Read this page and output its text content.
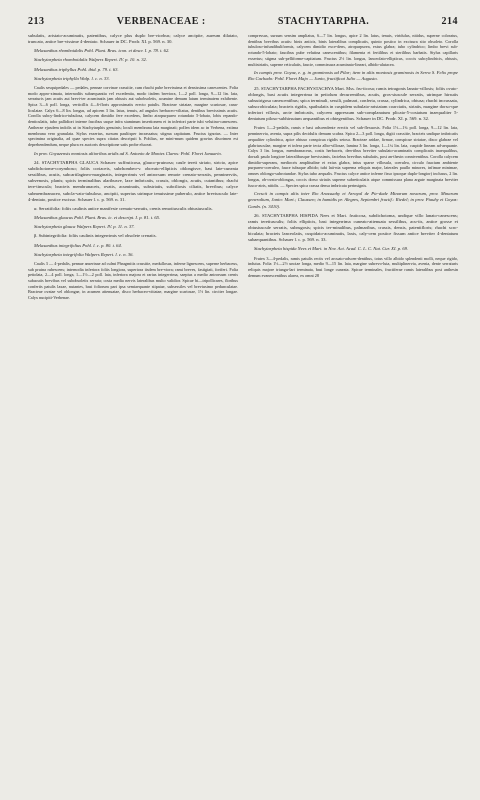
213	VERBENACEAE :	STACHYTARPHA.	214

subulatis, aristato-acuminatis, patentibus, calyce plus duplo bre-viorbus; calyce ancipite, aureum dilatato, truncato, antice bre-vissime 4-dentato. Schauer in DC. Prodr. XI. p. 569. n. 30.

Melasanthus rhomboidalis Pohl. Plant. Bras. icon. et descr. I. p. 78. t. 62.

Stachytarpheta rhomboidalis Walpers Repert. IV. p. 10. n. 32.

Melasanthus triphyllus Pohl. ibid. p. 79. t. 63.

Stachytarpheta triphylla Walp. l. c. n. 33.

Caulis sesquipedales — pedales, pennae corvinae crassitie, cum rhachi pube brevissima et densissima canescentes. Folia modo appro-ximata, internodiis subaequantia vel excedentia, modo iisdem breviora, 1—2 poll. longa, 9—12 lin. lata, serraturis jam acutis aut brevi-ter acuminatis jam obtusis aut subobsoletis, acumine demum latum terminatem exhibente. Spica 3—6 poll. longa, verticillis 4—6-floris approximatis erecto patulis. Bracteae striatae, margine scariosae, cana-liculatae. Calyx 6—8 lin. longus, ad apicem 3 lin. latus, tenuis, ad angulos herbaceo-viltatus, dentibus brevissimis acutis. Corolla subcy-lindrico-tubulosa, calycem dimidio fere excedens, limbo atropurpureo rotundato 5-lobato, lobis repando-denticulatis, tubo pallidiori interne fascibus usque infra staminum insertionem et in inferiori parte tubi velutino-canescens. Antherae ejusdem indolis ut in Stachytarphis genuinis; loculi membrana lata marginati; pollen idem ac in Verbena, extima membrana vero granulata. Stylus exsertus, sursum pauliisper incrassatus; stigma capitatum. Fructus ignotus. — Inter specimina originalia, ad quae species supra citatas descripsit b. Pohlius, ne mini-mum quidem gravius discrimen est deprehendendum, neque plura ex auctoris descriptione satis probe eluceat.

In prov. Goyazensis montosis altioribus aridis ad S. Antonio de Montes Claros: Pohl. Floret Januario.

24. STACHYTARPHA GLAUCA Schauer: suffruticosa, glauco-pruinosa; caule tereti striato, stricto, apice subdichotome-corymboso; foliis coriaceis, subrhombeo-v. obovato-ellipticis oblongisve, basi late-cuneata sessilibus, acutis, subcartilagineo-marginatis, integerrimis vel antrorsum remote crenato-serratis, penninerviis, subvenosis, planis; spicis terminalibus alaribusve, laxe imbricatis, crassis, oblongis, acutis, cutantibus; rhachi tere-tinscula; bracteis membranaceis, ovatis, acuminatis, substriatis, subciliosis ciliatis, brevibus; calyce submembranaceo, subcla-vato-tubuloso, ancipiti, superius utrinque tenuissime puberulo, antice breviusculo late-4-dentato, postice excisso. Schauer l. c. p. 569. n. 31.

α. Serratifolia: foliis caulinis antice manifeste crenato-serratis, crenis remotiusculis obtusiusculis.

Melasanthus glaucus Pohl. Plant. Bras. ic. et descript. I. p. 81. t. 65.

Stachytarpheta glauca Walpers Repert. IV. p. 11. n. 37.

β. Subintegrifolia: foliis caulinis integerrimis vel obsolete crenatis.

Melasanthus integrifolius Pohl. l. c. p. 80. t. 64.

Stachytarpheta integrifolia Walpers Repert. l. c. n. 36.

Caulis 3 — 4-pedalis, pennae anserinae ad culmi Phragmitis crassitie, medullosus, inferne lignescens, superne herbaceus, sub pruina rubescens; internodia inferiora foliis longiora, superiora iisdem bre-viora; rami breves, fastigiati, foriferi. Folia petiolata, 2—4 poll. longa, 1—1½—2 poll. lata, inferiora majora et rarius integerrima, saepius a medio antrorsum crenis subacutis brevibus vel subobsoletis serrata; costa media nervis lateralibus multo validior. Spicae bi—tripollicares, floribus confertis patulis laxae, nutantes, basi foliorum pari ipsa semiaequante stipatae, subsessiles vel breviusimo pedunculatae. Bracteae ovatae vel oblongae, in acumen attenuatae, disco herbaceo-vittatae, margine scariosae, 1½ lin. circiter longae. Calyx nucipiti-Verbenae.

compressus, sursum sensim ampliatus, 6—7 lin. longus, apice 2 lin. latus, tenuis, viridulus, nitidus, superne coloratus, dentibus brevibus acutis: binis anticis, binis lateralibus complicatis, quinto postico in excisura sito obsoleto. Corolla tubuloso-infundibuliformis, calycem dimidio exce-dens, atropurpurea, extus glabra; tubo cylindrico; limbo brevi sub-rotundo-5-lobato; faucibus pube velutina canescentibus; filamenta et fertilibus et sterilibus barbatis. Stylus capillaris exsertus; stigma sub-pelliforme-capitatum. Fructus 2½ lin. longus, lanceolato-ellipticus, coccis subcylindricis, obtusis, multistriatis, superne reticulatis, faucie, commissura acuminato-lineari, albido-alutacea.

In campis prov. Goyaz, e. g. in graminosis ad Pilar; item in altis montosis graminosis in Serra S. Felix prope Rio Cachado: Pohl. Floret Majo — Junio, fructificat Julio — Augusto.

25. STACHYTARPHA PACHYSTACHYA Mart. Mss. fru-ticosa; ramis tetragonis lanato-villosis; foliis ovato-oblongis, basi acutis integerrima in petiolum decurrentibus, acutis, gros-siuscule serratis, utrinque hirsutis subsutrigosa canescentibus; spica terminali, sessili, palmari, conferta, crassa, cylindrica, obtusa; rhachi incrassata, subscrobiculata; bracteis rigidis, spathulatis in cuspidem subulato-aristatam coarctatis, striatis, margine dorso-que inferiori villosis, arcte imbricatis, calycem appressum sub-complanatum plicato-5-costatum inaequaliter 5-dentatum piloso-subhirsutum aequantibus et obtegentibus. Schauer in DC. Prodr. XI. p. 569. n. 32.

Frutex 1—2-pedalis, ramis e basi adscendente erectis vel sub-flexuosis. Folia 1½—1¾ poll. longa, 9—12 lin. lata, penninervia, avenia, supra pilis decidulis demum scabra. Spica 2—3 poll. longa, digiti crassitie, bracteis undique imbricatis aequaliter cylindrica, apice obtuso conspicua rigidis setosa. Bracteae aridae, firmae, conspicue striatae, disco glabrae vel glabriusculae, margine et infera parte tecta albo-villosae, lamina 3 lin. longa, 1—1¼ lin. lata, cuspide lineam ad-aequante. Calyx 3 lin. longus, membranaceus, costis herbaceis, den-tibus breviter subulato-acuminatis complicatis inaequalibus, dorsali paulo longiore lateralibusque brevissimis, faciebus brevibus subulatis, post an-thesin conniventibus. Corolla calycem dimidio-superans, mediocris amplitudine et extus glabra, intus sparse villosula, coerulea, circulo faucium ambiente purpureo-coeruleo, fauce tubuque albido; tubi lati-nia suprema reliquis major, laterales paullo minores, infimae minimae, omnes oblongo-subrotundae. Stylus tubo aequalis. Fructus calyce antice inferne fisso ipsoque duplo-longior) inclusus, 2 lin. longus, ob-ovato-oblongus, coccis dorso striatis superne subreticulatis atque commissura plana argute marginata breviter fusco-atris, nitidis. — Species spica crassa densa imbricata perinsignis.

Crescit in campis altis inter Rio Arassuahy et Arrayal de Pie-dade Minarum novarum, prov. Minarum generalium, Janio: Mart.; Claussen; in humidis pr. Alegres, Septembri fructif.: Riedel; in prov. Piauhy et Goyaz: Gardn. (n. 3410).

26. STACHYTARPHA HISPIDA Nees et Mart. fruticosa, subdichotoma, undique villo lanato-canescens; ramis teretiusculis; foliis ellipticis, basi integerrima cuneato-attenuata sessilibus, acu-tis, antice grosse et obtusiuscule serratis, subrugosis; spicis ter-minalibus, palmaribus, crassis, densis, patentifloris; rhachi scro-biculata; bracteis lanceolatis, cuspidato-acuminatis, laxis, caly-cem postice fissum antice breviter 4-dentatum subaequantibus. Schauer l. c. p. 569. n. 33.

Stachytarpheta hispida Nees et Mart. in Nov. Act. Acad. C. L. C. Nat. Cur. XI. p. 69.

Frutex 3—4-pedalis, ramis patulis rectis vel arcuato-adscen-dentibus, totus villo albido splendenti molli, neque rigido, indutus. Folia 1½—2½ unciae longa, medio 9—15 lin. lata, margine subrevo-luta, multiplinervia, avenia, dente serraturis reliquis majore triangu-lari terminata, basi longe cuneata. Spicae terminales, fructiferae ramis lateralibus post anthesin demum evanescentibus alarea, ex omni 28
